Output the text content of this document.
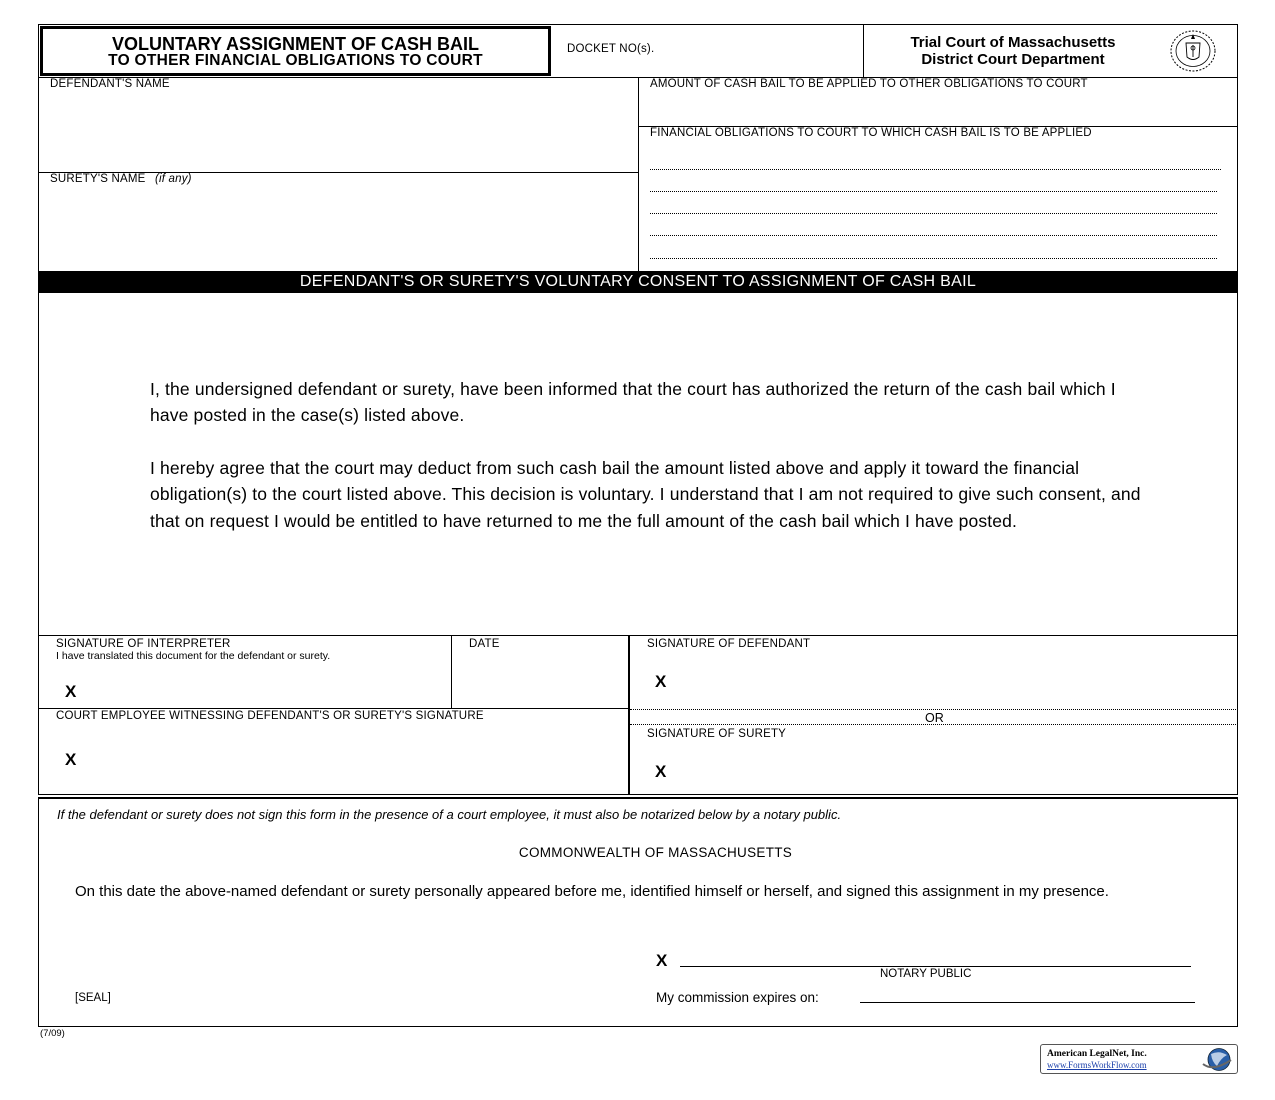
VOLUNTARY ASSIGNMENT OF CASH BAIL
TO OTHER FINANCIAL OBLIGATIONS TO COURT
DOCKET NO(s).	Trial Court of Massachusetts
District Court Department
DEFENDANT'S NAME
SURETY'S NAME (if any)
AMOUNT OF CASH BAIL TO BE APPLIED TO OTHER OBLIGATIONS TO COURT
FINANCIAL OBLIGATIONS TO COURT TO WHICH CASH BAIL IS TO BE APPLIED
DEFENDANT'S OR SURETY'S VOLUNTARY CONSENT TO ASSIGNMENT OF CASH BAIL
I, the undersigned defendant or surety, have been informed that the court has authorized the return of the cash bail which I have posted in the case(s) listed above.
I hereby agree that the court may deduct from such cash bail the amount listed above and apply it toward the financial obligation(s) to the court listed above. This decision is voluntary. I understand that I am not required to give such consent, and that on request I would be entitled to have returned to me the full amount of the cash bail which I have posted.
SIGNATURE OF INTERPRETER
I have translated this document for the defendant or surety.
X
DATE
COURT EMPLOYEE WITNESSING DEFENDANT'S OR SURETY'S SIGNATURE
X
SIGNATURE OF DEFENDANT
X
OR
SIGNATURE OF SURETY
X
If the defendant or surety does not sign this form in the presence of a court employee, it must also be notarized below by a notary public.
COMMONWEALTH OF MASSACHUSETTS
On this date the above-named defendant or surety personally appeared before me, identified himself or herself, and signed this assignment in my presence.
X
NOTARY PUBLIC
[SEAL]	My commission expires on:
(7/09)
American LegalNet, Inc.
www.FormsWorkFlow.com
